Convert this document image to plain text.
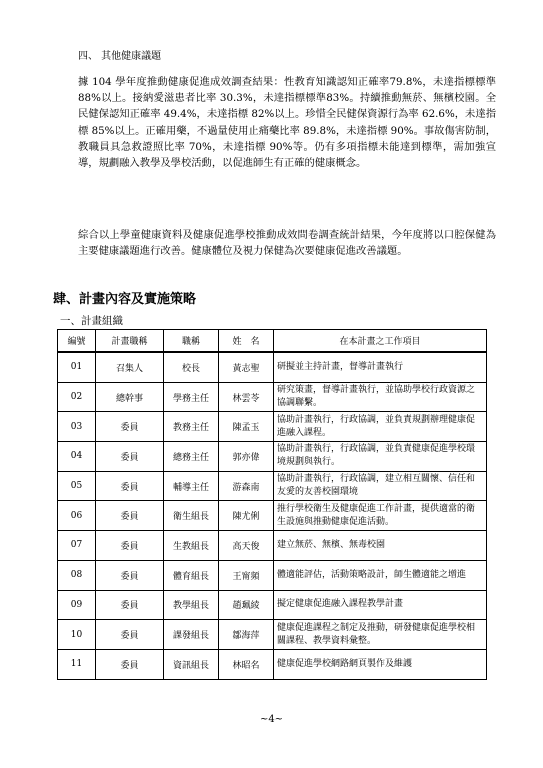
四、 其他健康議題
據 104 學年度推動健康促進成效調查結果：性教育知識認知正確率79.8%，未達指標標準 88%以上。接納愛滋患者比率 30.3%，未達指標標準83%。持續推動無菸、無檳校園。全民健保認知正確率 49.4%，未達指標 82%以上。珍惜全民健保資源行為率 62.6%，未達指標 85%以上。正確用藥，不過量使用止痛藥比率 89.8%，未達指標 90%。事故傷害防制，教職員具急救證照比率 70%，未達指標 90%等。仍有多項指標未能達到標準，需加強宣導，規劃融入教學及學校活動，以促進師生有正確的健康概念。
綜合以上學童健康資料及健康促進學校推動成效問卷調查統計結果，今年度將以口腔保健為主要健康議題進行改善。健康體位及視力保健為次要健康促進改善議題。
肆、計畫內容及實施策略
一、計畫組織
編號	計畫職稱	職稱	姓　名	在本計畫之工作項目
01	召集人	校長	黃志聖	研擬並主持計畫，督導計畫執行
02	總幹事	學務主任	林雲苓	研究策畫，督導計畫執行，並協助學校行政資源之協調聯繫。
03	委員	教務主任	陳孟玉	協助計畫執行，行政協調，並負責規劃辦理健康促進融入課程。
04	委員	總務主任	郭亦偉	協助計畫執行，行政協調，並負責健康促進學校環境規劃與執行。
05	委員	輔導主任	游森南	協助計畫執行，行政協調，建立相互關懷、信任和友愛的友善校園環境
06	委員	衛生組長	陳尤俐	推行學校衛生及健康促進工作計畫，提供適當的衛生設施與推動健康促進活動。
07	委員	生教組長	高天俊	建立無菸、無檳、無毒校園
08	委員	體育組長	王甯頻	體適能評估，活動策略設計，師生體適能之增進
09	委員	教學組長	趙珮綾	擬定健康促進融入課程教學計畫
10	委員	課發組長	鄒海萍	健康促進課程之制定及推動，研發健康促進學校相關課程、教學資料彙整。
11	委員	資訊組長	林昭名	健康促進學校網路網頁製作及維護
~4~
